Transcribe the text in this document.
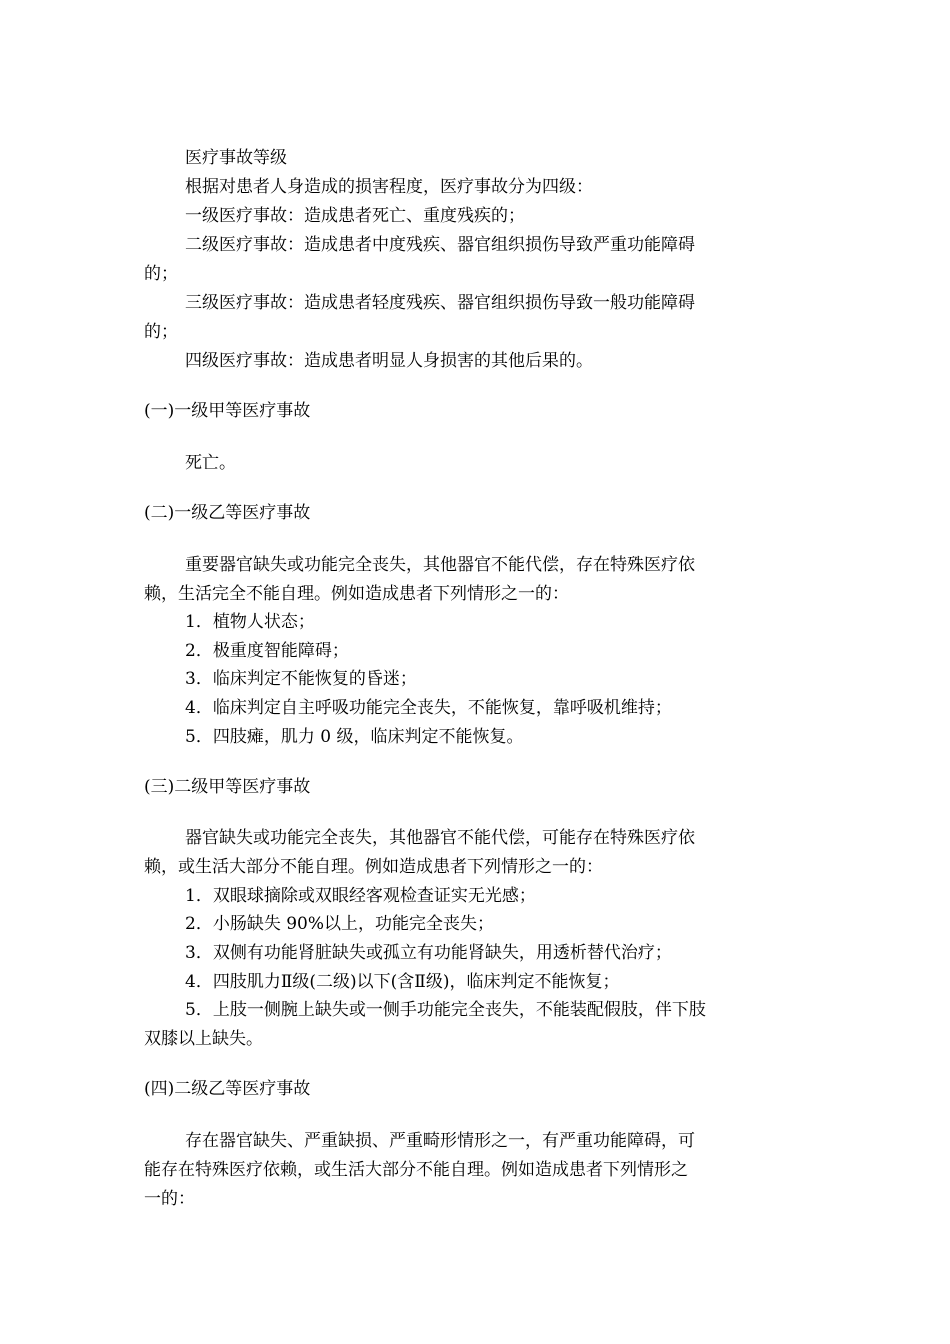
医疗事故等级
根据对患者人身造成的损害程度，医疗事故分为四级：
一级医疗事故：造成患者死亡、重度残疾的；
二级医疗事故：造成患者中度残疾、器官组织损伤导致严重功能障碍
的；
三级医疗事故：造成患者轻度残疾、器官组织损伤导致一般功能障碍
的；
四级医疗事故：造成患者明显人身损害的其他后果的。
(一)一级甲等医疗事故
死亡。
(二)一级乙等医疗事故
重要器官缺失或功能完全丧失，其他器官不能代偿，存在特殊医疗依
赖，生活完全不能自理。例如造成患者下列情形之一的：
1．植物人状态；
2．极重度智能障碍；
3．临床判定不能恢复的昏迷；
4．临床判定自主呼吸功能完全丧失，不能恢复，靠呼吸机维持；
5．四肢瘫，肌力 0 级，临床判定不能恢复。
(三)二级甲等医疗事故
器官缺失或功能完全丧失，其他器官不能代偿，可能存在特殊医疗依
赖，或生活大部分不能自理。例如造成患者下列情形之一的：
1．双眼球摘除或双眼经客观检查证实无光感；
2．小肠缺失 90%以上，功能完全丧失；
3．双侧有功能肾脏缺失或孤立有功能肾缺失，用透析替代治疗；
4．四肢肌力Ⅱ级(二级)以下(含Ⅱ级)，临床判定不能恢复；
5．上肢一侧腕上缺失或一侧手功能完全丧失，不能装配假肢，伴下肢
双膝以上缺失。
(四)二级乙等医疗事故
存在器官缺失、严重缺损、严重畸形情形之一，有严重功能障碍，可
能存在特殊医疗依赖，或生活大部分不能自理。例如造成患者下列情形之
一的：
